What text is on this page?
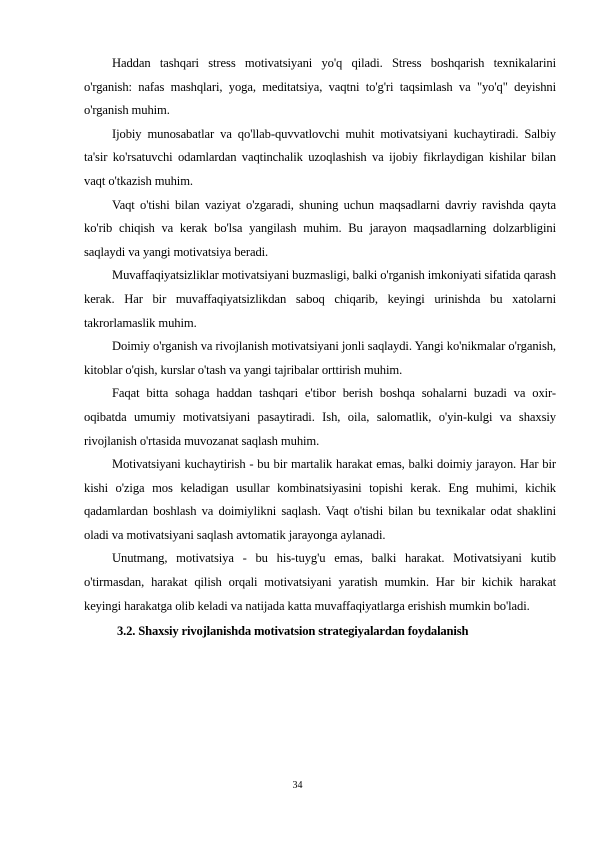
Haddan tashqari stress motivatsiyani yo'q qiladi. Stress boshqarish texnikalarini o'rganish: nafas mashqlari, yoga, meditatsiya, vaqtni to'g'ri taqsimlash va "yo'q" deyishni o'rganish muhim.

Ijobiy munosabatlar va qo'llab-quvvatlovchi muhit motivatsiyani kuchaytiradi. Salbiy ta'sir ko'rsatuvchi odamlardan vaqtinchalik uzoqlashish va ijobiy fikrlaydigan kishilar bilan vaqt o'tkazish muhim.

Vaqt o'tishi bilan vaziyat o'zgaradi, shuning uchun maqsadlarni davriy ravishda qayta ko'rib chiqish va kerak bo'lsa yangilash muhim. Bu jarayon maqsadlarning dolzarbligini saqlaydi va yangi motivatsiya beradi.

Muvaffaqiyatsizliklar motivatsiyani buzmasligi, balki o'rganish imkoniyati sifatida qarash kerak. Har bir muvaffaqiyatsizlikdan saboq chiqarib, keyingi urinishda bu xatolarni takrorlamaslik muhim.

Doimiy o'rganish va rivojlanish motivatsiyani jonli saqlaydi. Yangi ko'nikmalar o'rganish, kitoblar o'qish, kurslar o'tash va yangi tajribalar orttirish muhim.

Faqat bitta sohaga haddan tashqari e'tibor berish boshqa sohalarni buzadi va oxir-oqibatda umumiy motivatsiyani pasaytiradi. Ish, oila, salomatlik, o'yin-kulgi va shaxsiy rivojlanish o'rtasida muvozanat saqlash muhim.

Motivatsiyani kuchaytirish - bu bir martalik harakat emas, balki doimiy jarayon. Har bir kishi o'ziga mos keladigan usullar kombinatsiyasini topishi kerak. Eng muhimi, kichik qadamlardan boshlash va doimiylikni saqlash. Vaqt o'tishi bilan bu texnikalar odat shaklini oladi va motivatsiyani saqlash avtomatik jarayonga aylanadi.

Unutmang, motivatsiya - bu his-tuyg'u emas, balki harakat. Motivatsiyani kutib o'tirmasdan, harakat qilish orqali motivatsiyani yaratish mumkin. Har bir kichik harakat keyingi harakatga olib keladi va natijada katta muvaffaqiyatlarga erishish mumkin bo'ladi.

3.2. Shaxsiy rivojlanishda motivatsion strategiyalardan foydalanish

34
